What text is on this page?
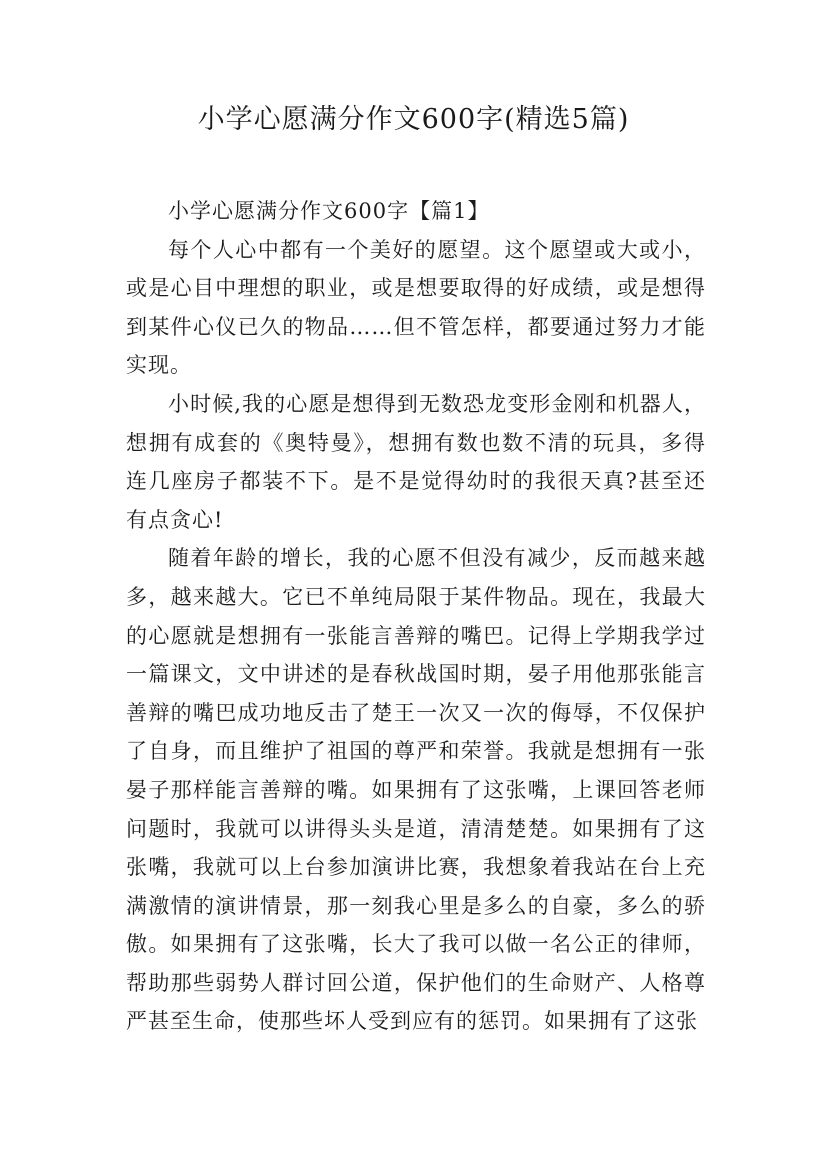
小学心愿满分作文600字(精选5篇)

小学心愿满分作文600字【篇1】

每个人心中都有一个美好的愿望。这个愿望或大或小，或是心目中理想的职业，或是想要取得的好成绩，或是想得到某件心仪已久的物品……但不管怎样，都要通过努力才能实现。

小时候,我的心愿是想得到无数恐龙变形金刚和机器人，想拥有成套的《奥特曼》，想拥有数也数不清的玩具，多得连几座房子都装不下。是不是觉得幼时的我很天真?甚至还有点贪心!

随着年龄的增长，我的心愿不但没有减少，反而越来越多，越来越大。它已不单纯局限于某件物品。现在，我最大的心愿就是想拥有一张能言善辩的嘴巴。记得上学期我学过一篇课文，文中讲述的是春秋战国时期，晏子用他那张能言善辩的嘴巴成功地反击了楚王一次又一次的侮辱，不仅保护了自身，而且维护了祖国的尊严和荣誉。我就是想拥有一张晏子那样能言善辩的嘴。如果拥有了这张嘴，上课回答老师问题时，我就可以讲得头头是道，清清楚楚。如果拥有了这张嘴，我就可以上台参加演讲比赛，我想象着我站在台上充满激情的演讲情景，那一刻我心里是多么的自豪，多么的骄傲。如果拥有了这张嘴，长大了我可以做一名公正的律师，帮助那些弱势人群讨回公道，保护他们的生命财产、人格尊严甚至生命，使那些坏人受到应有的惩罚。如果拥有了这张
